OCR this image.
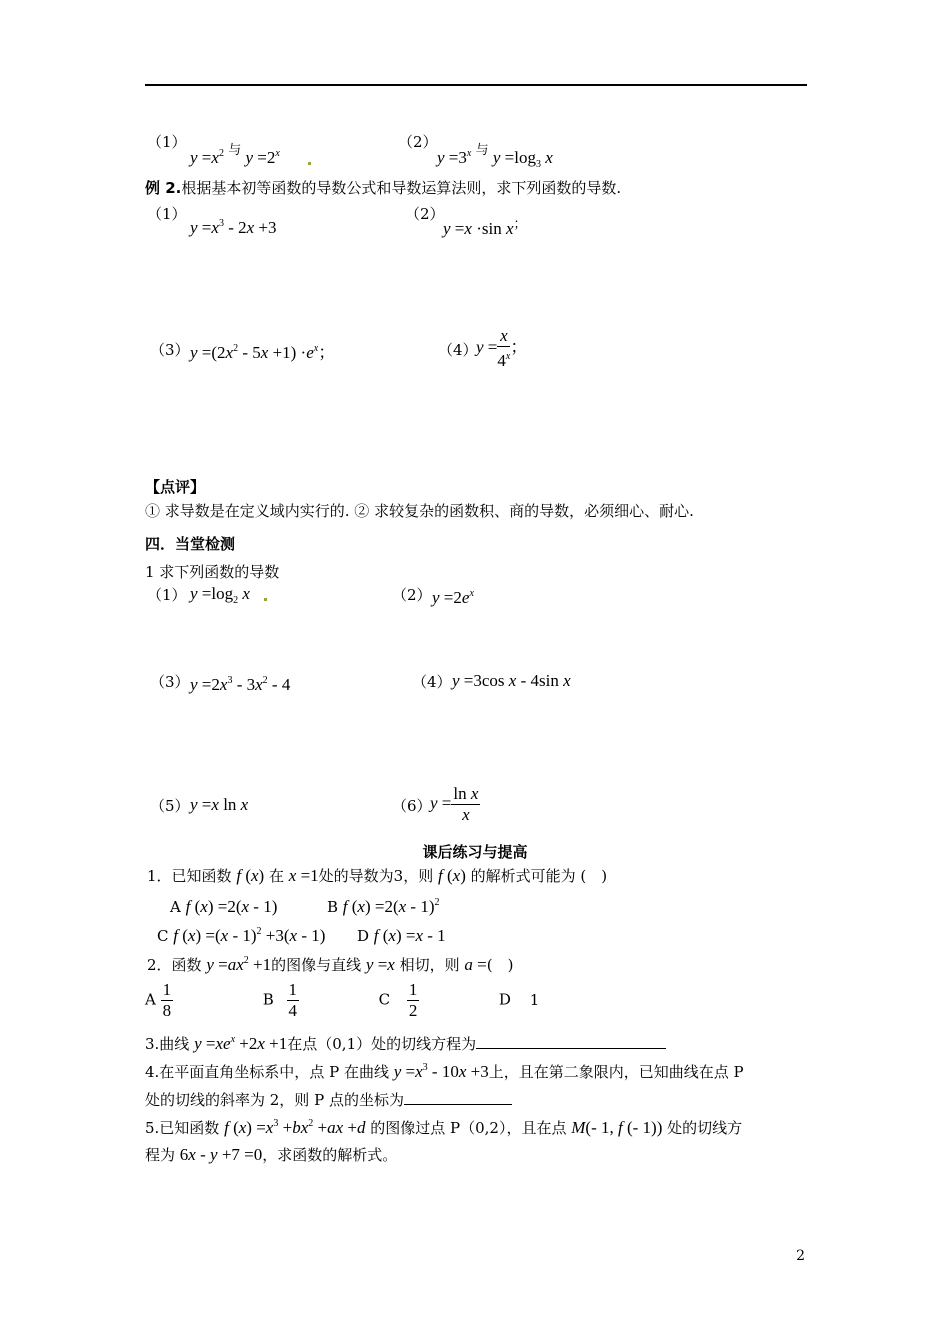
（1）
$y =x^2$ $^与$ $y =2^x$
（2）
$y =3^x$ $^与$ $y =\log_3$ x
例 2.根据基本初等函数的导数公式和导数运算法则，求下列函数的导数.
（1）
$y =x^3 - 2x +3$
（2）
y =x ·sin x；
（3） $y =(2x^2 - 5x +1) \cdot e^x$；	（4）
$y = \frac{x}{4^x}$ ；
【点评】
① 求导数是在定义域内实行的. ② 求较复杂的函数积、商的导数，必须细心、耐心.
四．当堂检测
1 求下列函数的导数
（1） $y =\log_2$ x	（2） $y =2e^x$
（3） $y =2x^3 - 3x^2 - 4$	（4） y =3cos x - 4sin x
（5） y =x ln x	（6）
$y = \frac{\text{ln x}}{x}$
课后练习与提高
1．已知函数 f (x) 在 x =1处的导数为3，则 f (x) 的解析式可能为 (　)
A f (x) =2(x - 1)	B f (x) =2(x - 1)$^2$
C f (x) =(x - 1)$^2$ +3(x - 1) D f (x) =x - 1
2．函数 $y =ax^2 +1$的图像与直线 y =x 相切，则 a =(　)
A $\frac{1}{8}$	B $\frac{1}{4}$	C $\frac{1}{2}$	D 1
3.曲线 $y =xe^x +2x +1$在点（0,1）处的切线方程为
4.在平面直角坐标系中，点 P 在曲线 $y =x^3 - 10x +3$上，且在第二象限内，已知曲线在点 P
处的切线的斜率为 2，则 P 点的坐标为
5.已知函数 f $(x) =x^3 +bx^2 +ax +d$ 的图像过点 P（0,2），且在点 M(- 1, f (- 1)) 处的切线方
程为 6x - y +7 =0，求函数的解析式。
2
